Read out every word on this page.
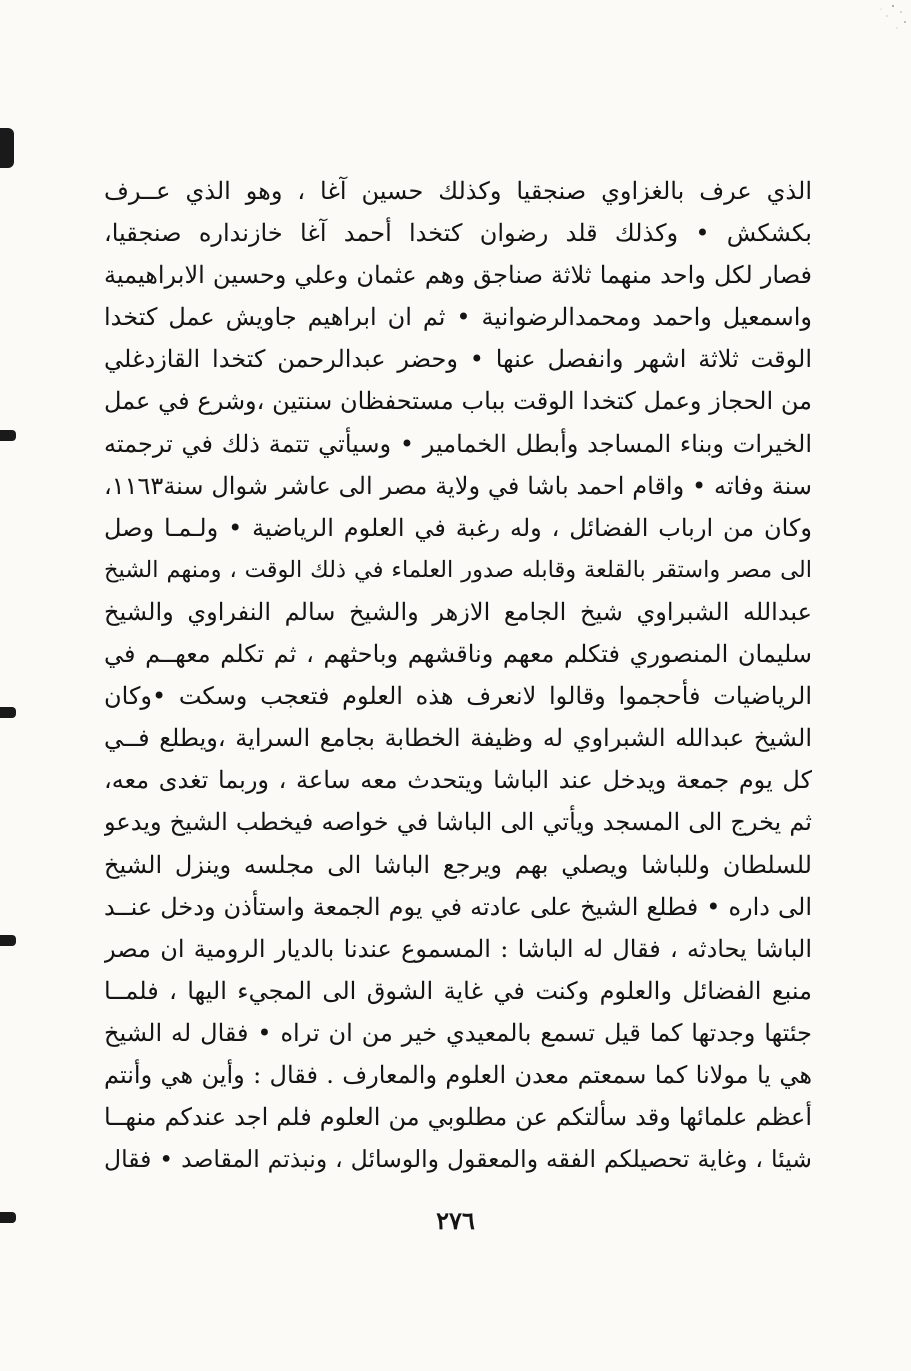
الذي عرف بالغزاوي صنجقيا وكذلك حسين آغا ، وهو الذي عــرف
بكشكش • وكذلك قلد رضوان كتخدا أحمد آغا خازنداره صنجقيا،
فصار لكل واحد منهما ثلاثة صناجق وهم عثمان وعلي وحسين الابراهيمية
واسمعيل واحمد ومحمدالرضوانية • ثم ان ابراهيم جاويش عمل كتخدا
الوقت ثلاثة اشهر وانفصل عنها • وحضر عبدالرحمن كتخدا القازدغلي
من الحجاز وعمل كتخدا الوقت بباب مستحفظان سنتين ،وشرع في عمل
الخيرات وبناء المساجد وأبطل الخمامير • وسيأتي تتمة ذلك في ترجمته
سنة وفاته • واقام احمد باشا في ولاية مصر الى عاشر شوال سنة١١٦٣،
وكان من ارباب الفضائل ، وله رغبة في العلوم الرياضية • ولـمـا وصل
الى مصر واستقر بالقلعة وقابله صدور العلماء في ذلك الوقت ، ومنهم الشيخ
عبدالله الشبراوي شيخ الجامع الازهر والشيخ سالم النفراوي والشيخ
سليمان المنصوري فتكلم معهم وناقشهم وباحثهم ، ثم تكلم معهــم في
الرياضيات فأحجموا وقالوا لانعرف هذه العلوم فتعجب وسكت •وكان
الشيخ عبدالله الشبراوي له وظيفة الخطابة بجامع السراية ،ويطلع فــي
كل يوم جمعة ويدخل عند الباشا ويتحدث معه ساعة ، وربما تغدى معه،
ثم يخرج الى المسجد ويأتي الى الباشا في خواصه فيخطب الشيخ ويدعو
للسلطان وللباشا ويصلي بهم ويرجع الباشا الى مجلسه وينزل الشيخ
الى داره • فطلع الشيخ على عادته في يوم الجمعة واستأذن ودخل عنــد
الباشا يحادثه ، فقال له الباشا : المسموع عندنا بالديار الرومية ان مصر
منبع الفضائل والعلوم وكنت في غاية الشوق الى المجيء اليها ، فلمــا
جئتها وجدتها كما قيل تسمع بالمعيدي خير من ان تراه • فقال له الشيخ
هي يا مولانا كما سمعتم معدن العلوم والمعارف . فقال : وأين هي وأنتم
أعظم علمائها وقد سألتكم عن مطلوبي من العلوم فلم اجد عندكم منهــا
شيئا ، وغاية تحصيلكم الفقه والمعقول والوسائل ، ونبذتم المقاصد • فقال
٢٧٦
